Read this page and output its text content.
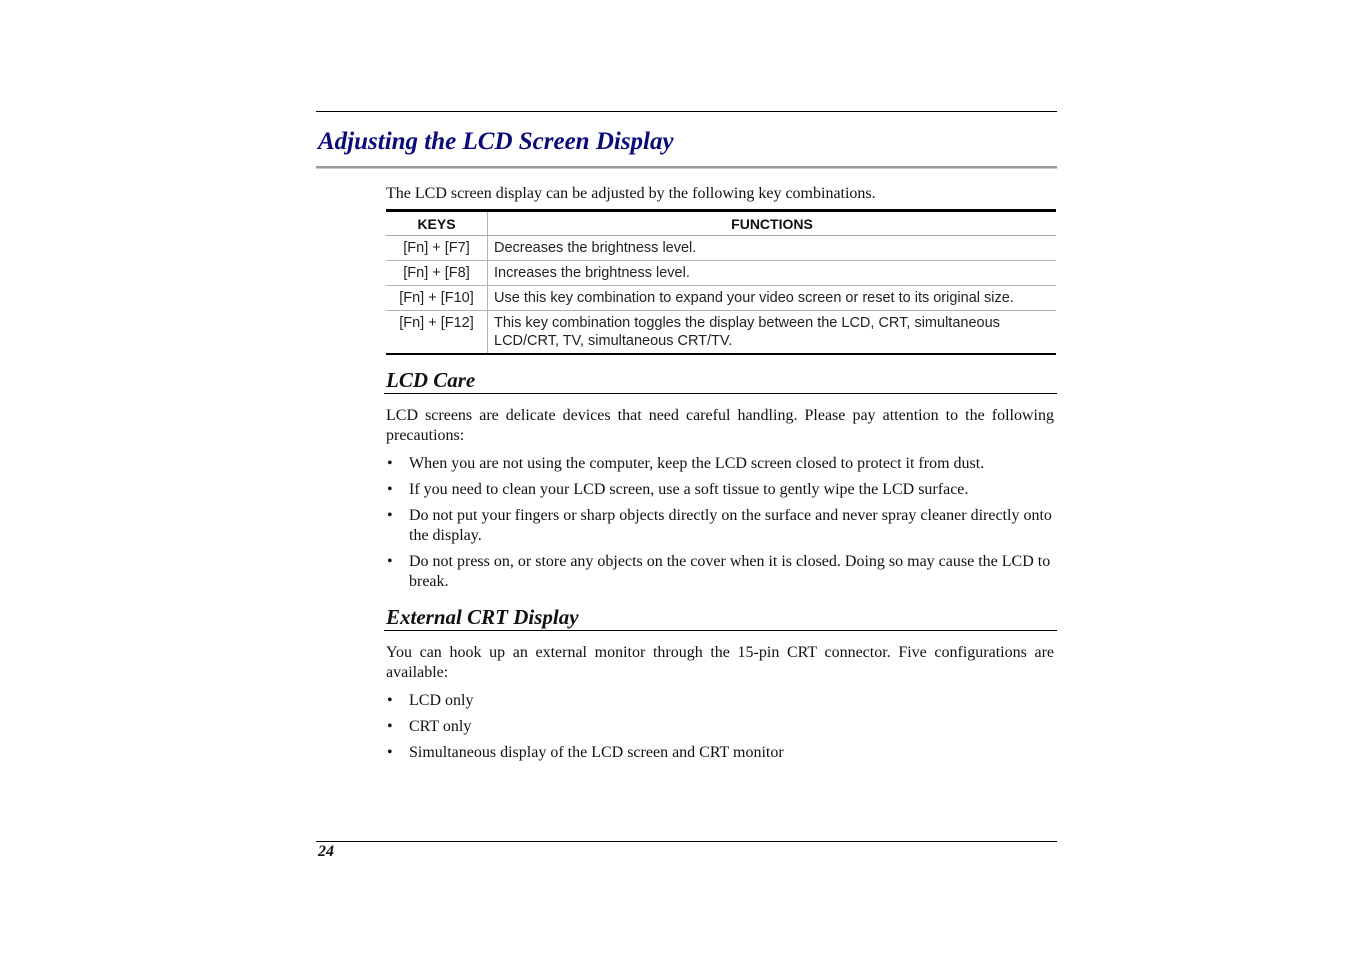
Adjusting the LCD Screen Display

The LCD screen display can be adjusted by the following key combinations.

KEYS	FUNCTIONS
[Fn] + [F7]	Decreases the brightness level.
[Fn] + [F8]	Increases the brightness level.
[Fn] + [F10]	Use this key combination to expand your video screen or reset to its original size.
[Fn] + [F12]	This key combination toggles the display between the LCD, CRT, simultaneous LCD/CRT, TV, simultaneous CRT/TV.
LCD Care

LCD screens are delicate devices that need careful handling. Please pay attention to the following precautions:

• When you are not using the computer, keep the LCD screen closed to protect it from dust.
• If you need to clean your LCD screen, use a soft tissue to gently wipe the LCD surface.
• Do not put your fingers or sharp objects directly on the surface and never spray cleaner directly onto the display.
• Do not press on, or store any objects on the cover when it is closed. Doing so may cause the LCD to break.
External CRT Display

You can hook up an external monitor through the 15-pin CRT connector. Five configurations are available:

• LCD only
• CRT only
• Simultaneous display of the LCD screen and CRT monitor

24
